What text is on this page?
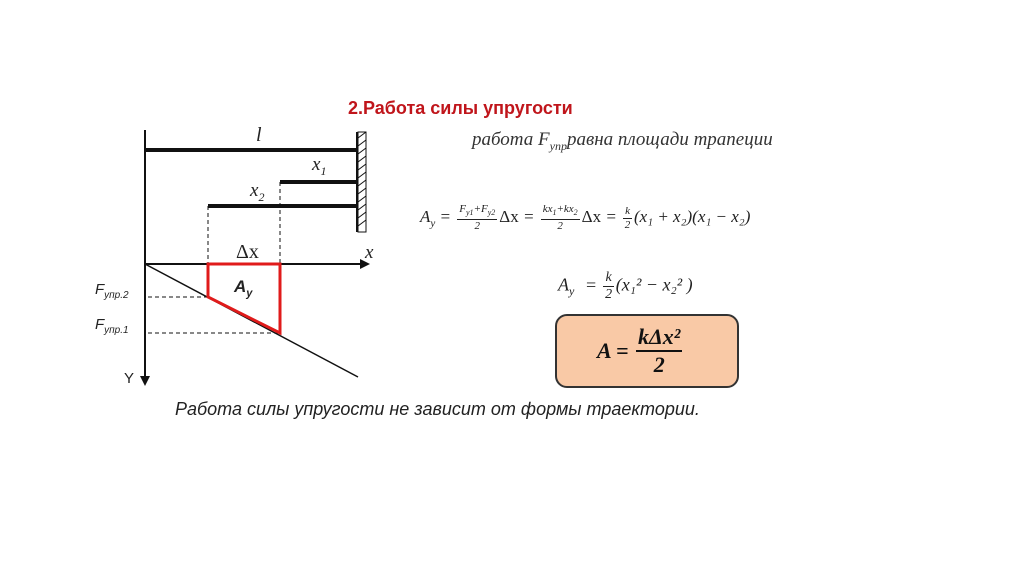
2.Работа силы упругости
работа $F_{упр}равна$ площади трапеции
l
$x_1$
$x_2$
Δx	x
Y
$A_y$
$F_{упр.2}$
$F_{упр.1}$
$A_y = \frac{F_{y1}+F_{y2}}{2}$ $\Delta x = \frac{kx_1+kx_2}{2}$ $\Delta x = \frac{k}{2} (x_1 + x_2)(x_1 - x_2)$
$A_y = \frac{k}{2} (x_1^2 - x_2^2$ )
$A = \frac{\text{kΔx²}}{2}$
Работа силы упругости не зависит от формы траектории.
